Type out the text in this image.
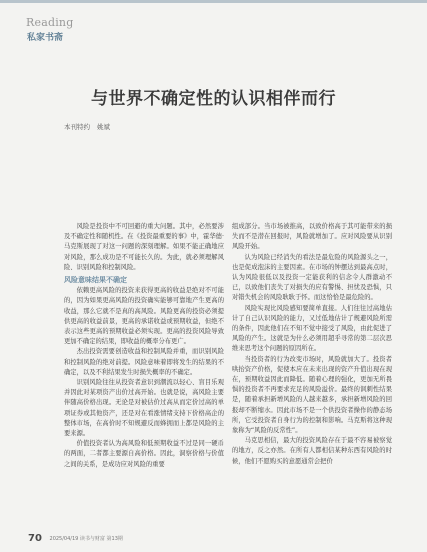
Reading
私家书斋
与世界不确定性的认识相伴而行
本刊特约 姚斌

风险是投资中不可回避的重大问题。其中，必然要涉及不确定性和随机性。在《投资最重要的事》中，霍华德·马克斯展现了对这一问题的深刻理解。如果不能正确地应对风险，那么成功是不可能长久的。为此，就必须理解风险、识别风险和控制风险。

风险意味结果不确定

依赖更高风险的投资来获得更高的收益是绝对不可能的，因为如果更高风险的投资确实能够可靠地产生更高的收益，那么它就不是真的高风险。风险更高的投资必须提供更高的收益前景，更高的承诺收益或预期收益，但绝不表示这些更高的预期收益必须实现。更高的投资风险导致更加不确定的结果，即收益的概率分布更广。

杰出投资需要创造收益和控制风险并重，而识别风险和控制风险的绝对前提。风险意味着即将发生的结果的不确定，以及不利结果发生时损失概率的不确定。

识别风险往往从投资者意识到潮流以轻心、盲目乐观并因此对某项资产出价过高开始。也就是说，高风险主要伴随高价格出现。无论是对被估价过高从而定价过高的单项证券或其他资产，还是对在看涨情绪支持下价格高企的整体市场，在高价时不知规避反而蜂拥而上都是风险的主要来源。

价值投资者认为高风险和低预期收益不过是同一硬币的两面，二者都主要源自高价格。因此，洞察价格与价值之间的关系，是成功应对风险的重要

组成部分。当市场被推高，以致价格高于其可能带来的损失而不是潜在回报时，风险就增加了。应对风险要从识别风险开始。

认为风险已经消失的看法是最危险的风险源头之一，也是促成泡沫的主要因素。在市场的钟摆达到最高点时，认为风险很低以及投资一定能获利的信念令人群激动不已，以致他们丧失了对损失的应有警惕、担忧及恐惧，只对错失机会的风险耿耿于怀。而这恰恰是最危险的。

风险实现比风险感知要简单直接。人们往往过高地估计了自己认识风险的能力，又过低地估计了规避风险所需的条件，因此他们在不知不觉中接受了风险，由此促进了风险的产生。这就是为什么必须用超乎寻常的第二层次思维来思考这个问题的原因所在。

当投资者的行为改变市场时，风险就加大了。投资者哄抬资产价格，促使本应在未来出现的资产升值出现在现在，预期收益因此而降低。随着心理的强化，更加无所畏惧的投资者不再要求充足的风险溢价。最终的讽刺性结果是，随着承担新增风险的人越来越多，承担新增风险的回报却不断缩水。因此市场不是一个供投资者操作的静态场所，它受投资者自身行为的控制和影响。马克斯将这种现象称为“风险的反常性”。

马克思相信，最大的投资风险存在于最不容易被察觉的地方，反之亦然。在所有人都相信某种东西有风险的时候，他们不愿购买的意愿通常会把价

70 2025/04/19 读书与财富 第13期
